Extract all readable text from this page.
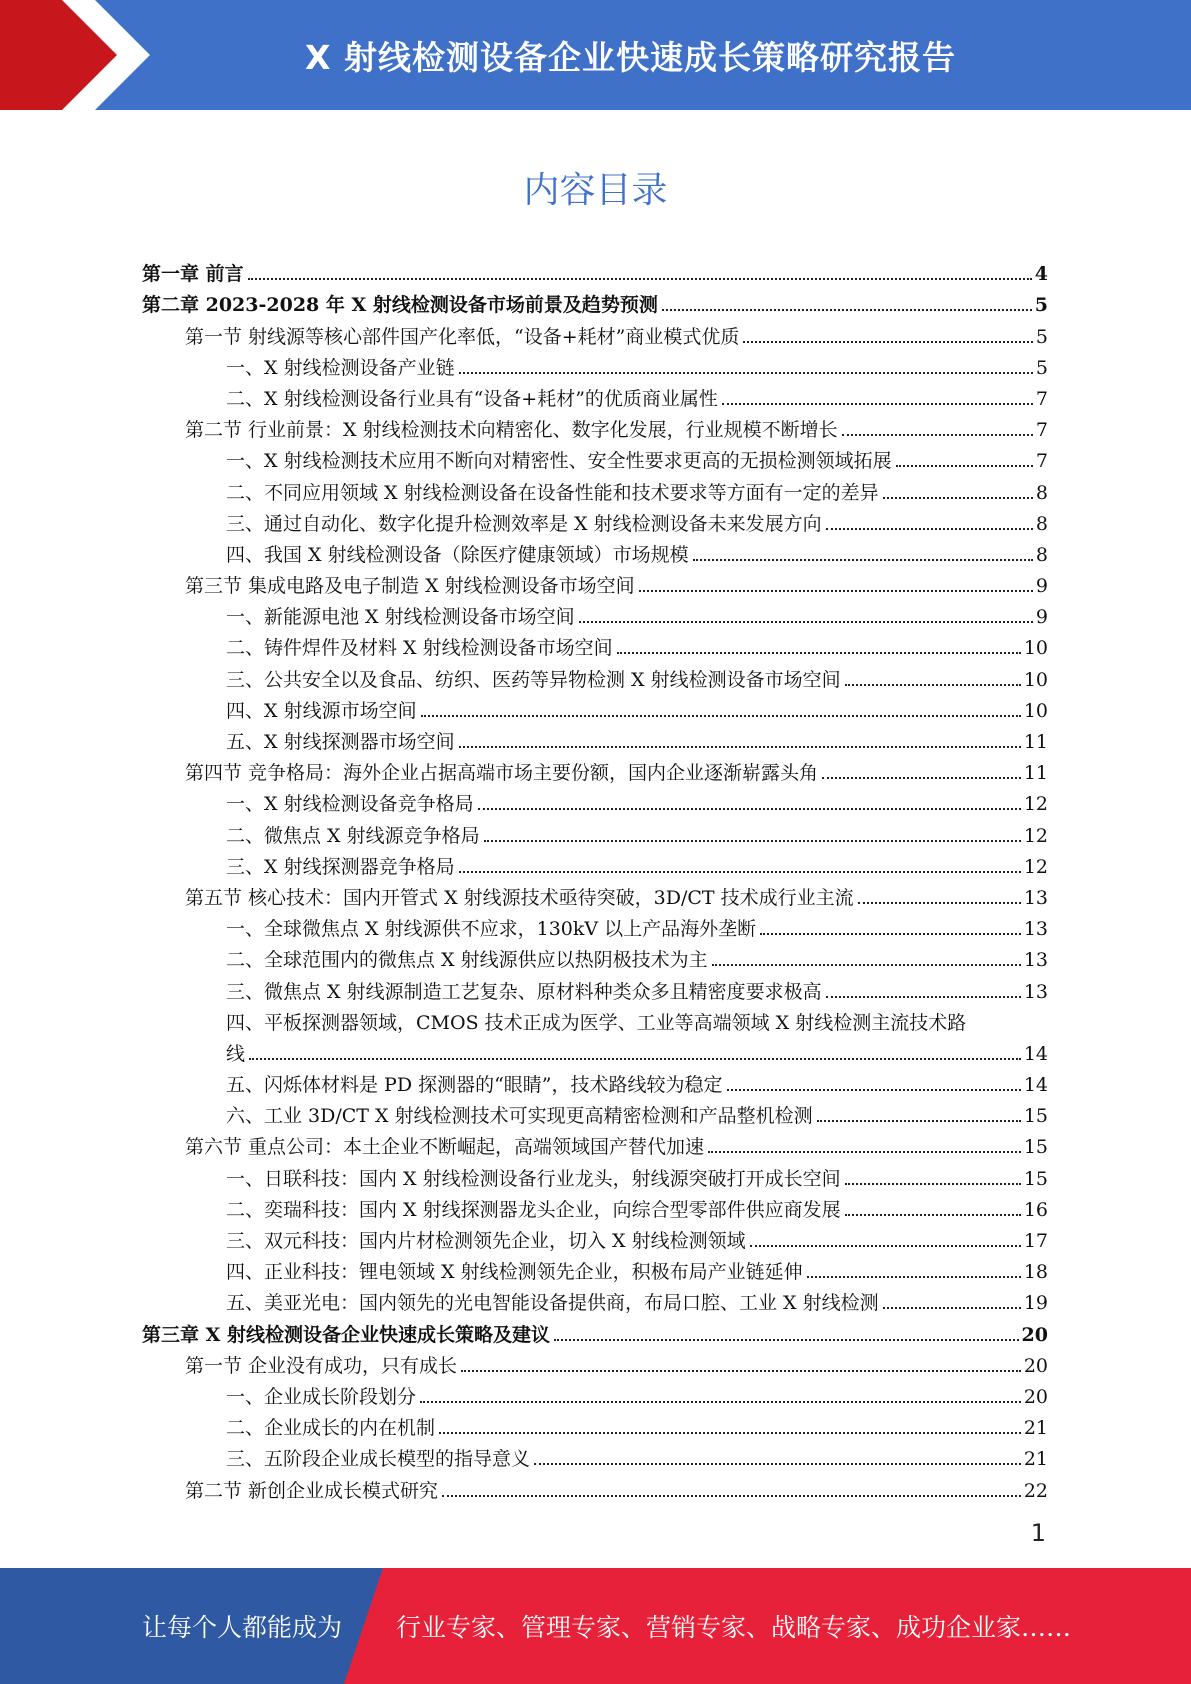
X 射线检测设备企业快速成长策略研究报告
内容目录
第一章 前言	4
第二章 2023-2028 年 X 射线检测设备市场前景及趋势预测	5
第一节 射线源等核心部件国产化率低，“设备+耗材”商业模式优质	5
一、X 射线检测设备产业链	5
二、X 射线检测设备行业具有“设备+耗材”的优质商业属性	7
第二节 行业前景：X 射线检测技术向精密化、数字化发展，行业规模不断增长	7
一、X 射线检测技术应用不断向对精密性、安全性要求更高的无损检测领域拓展	7
二、不同应用领域 X 射线检测设备在设备性能和技术要求等方面有一定的差异	8
三、通过自动化、数字化提升检测效率是 X 射线检测设备未来发展方向	8
四、我国 X 射线检测设备（除医疗健康领域）市场规模	8
第三节 集成电路及电子制造 X 射线检测设备市场空间	9
一、新能源电池 X 射线检测设备市场空间	9
二、铸件焊件及材料 X 射线检测设备市场空间	10
三、公共安全以及食品、纺织、医药等异物检测 X 射线检测设备市场空间	10
四、X 射线源市场空间	10
五、X 射线探测器市场空间	11
第四节 竞争格局：海外企业占据高端市场主要份额，国内企业逐渐崭露头角	11
一、X 射线检测设备竞争格局	12
二、微焦点 X 射线源竞争格局	12
三、X 射线探测器竞争格局	12
第五节 核心技术：国内开管式 X 射线源技术亟待突破，3D/CT 技术成行业主流	13
一、全球微焦点 X 射线源供不应求，130kV 以上产品海外垄断	13
二、全球范围内的微焦点 X 射线源供应以热阴极技术为主	13
三、微焦点 X 射线源制造工艺复杂、原材料种类众多且精密度要求极高	13
四、平板探测器领域，CMOS 技术正成为医学、工业等高端领域 X 射线检测主流技术路
线	14
五、闪烁体材料是 PD 探测器的“眼睛”，技术路线较为稳定	14
六、工业 3D/CT X 射线检测技术可实现更高精密检测和产品整机检测	15
第六节 重点公司：本土企业不断崛起，高端领域国产替代加速	15
一、日联科技：国内 X 射线检测设备行业龙头，射线源突破打开成长空间	15
二、奕瑞科技：国内 X 射线探测器龙头企业，向综合型零部件供应商发展	16
三、双元科技：国内片材检测领先企业，切入 X 射线检测领域	17
四、正业科技：锂电领域 X 射线检测领先企业，积极布局产业链延伸	18
五、美亚光电：国内领先的光电智能设备提供商，布局口腔、工业 X 射线检测	19
第三章 X 射线检测设备企业快速成长策略及建议	20
第一节 企业没有成功，只有成长	20
一、企业成长阶段划分	20
二、企业成长的内在机制	21
三、五阶段企业成长模型的指导意义	21
第二节 新创企业成长模式研究	22
1
让每个人都能成为 行业专家、管理专家、营销专家、战略专家、成功企业家……
